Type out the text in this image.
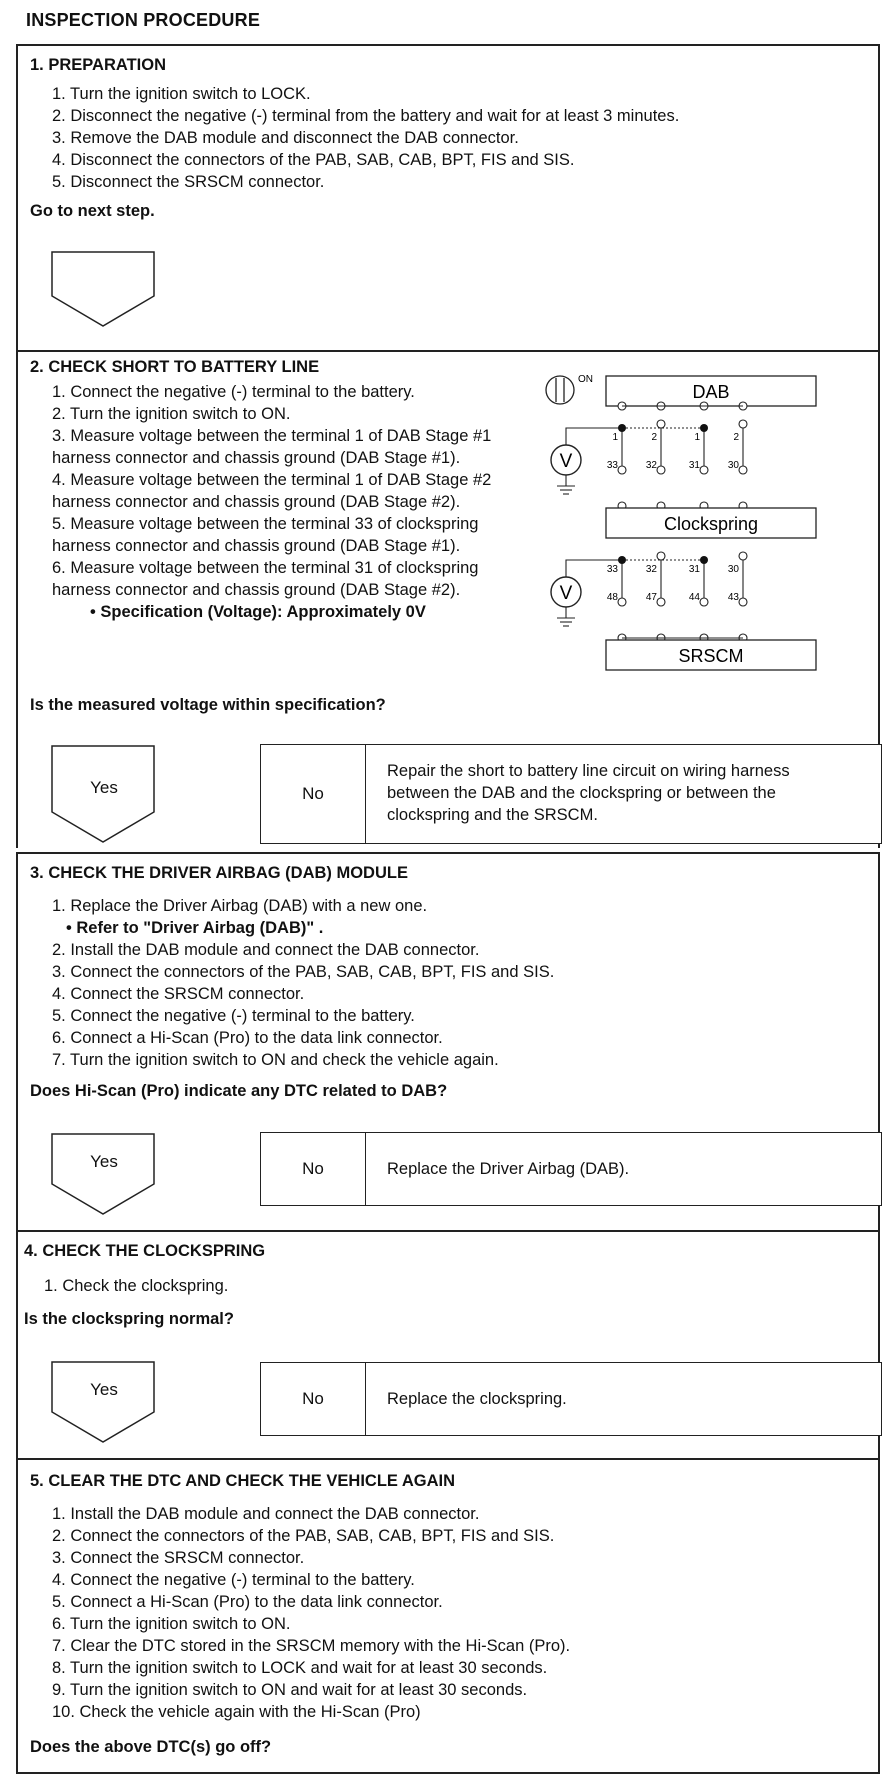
INSPECTION PROCEDURE
1. PREPARATION
1. Turn the ignition switch to LOCK.
2. Disconnect the negative (-) terminal from the battery and wait for at least 3 minutes.
3. Remove the DAB module and disconnect the DAB connector.
4. Disconnect the connectors of the PAB, SAB, CAB, BPT, FIS and SIS.
5. Disconnect the SRSCM connector.
Go to next step.
2. CHECK SHORT TO BATTERY LINE
1. Connect the negative (-) terminal to the battery.
2. Turn the ignition switch to ON.
3. Measure voltage between the terminal 1 of DAB Stage #1
harness connector and chassis ground (DAB Stage #1).
4. Measure voltage between the terminal 1 of DAB Stage #2
harness connector and chassis ground (DAB Stage #2).
5. Measure voltage between the terminal 33 of clockspring
harness connector and chassis ground (DAB Stage #1).
6. Measure voltage between the terminal 31 of clockspring
harness connector and chassis ground (DAB Stage #2).
• Specification (Voltage): Approximately 0V
Is the measured voltage within specification?
ON
DAB
V
1	2	1	2
33	32	31	30
Clockspring
V
33	32	31	30
48	47	44	43
SRSCM
Yes	No
Repair the short to battery line circuit on wiring harness
between the DAB and the clockspring or between the
clockspring and the SRSCM.
3. CHECK THE DRIVER AIRBAG (DAB) MODULE
1. Replace the Driver Airbag (DAB) with a new one.
• Refer to "Driver Airbag (DAB)" .
2. Install the DAB module and connect the DAB connector.
3. Connect the connectors of the PAB, SAB, CAB, BPT, FIS and SIS.
4. Connect the SRSCM connector.
5. Connect the negative (-) terminal to the battery.
6. Connect a Hi-Scan (Pro) to the data link connector.
7. Turn the ignition switch to ON and check the vehicle again.
Does Hi-Scan (Pro) indicate any DTC related to DAB?
Yes	No	Replace the Driver Airbag (DAB).
4. CHECK THE CLOCKSPRING
1. Check the clockspring.
Is the clockspring normal?
Yes	No	Replace the clockspring.
5. CLEAR THE DTC AND CHECK THE VEHICLE AGAIN
1. Install the DAB module and connect the DAB connector.
2. Connect the connectors of the PAB, SAB, CAB, BPT, FIS and SIS.
3. Connect the SRSCM connector.
4. Connect the negative (-) terminal to the battery.
5. Connect a Hi-Scan (Pro) to the data link connector.
6. Turn the ignition switch to ON.
7. Clear the DTC stored in the SRSCM memory with the Hi-Scan (Pro).
8. Turn the ignition switch to LOCK and wait for at least 30 seconds.
9. Turn the ignition switch to ON and wait for at least 30 seconds.
10. Check the vehicle again with the Hi-Scan (Pro)
Does the above DTC(s) go off?
